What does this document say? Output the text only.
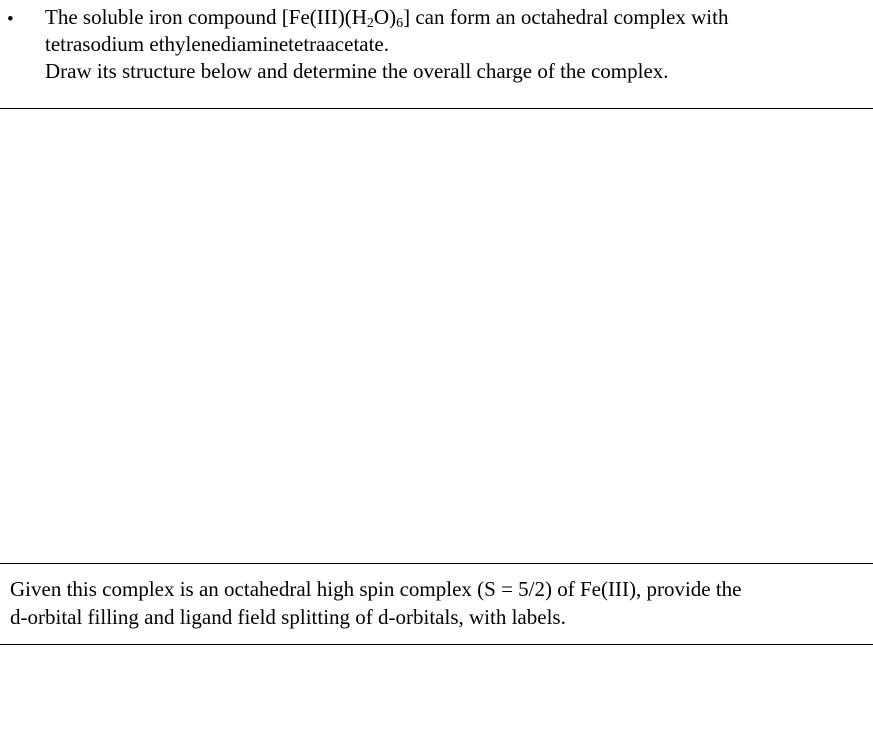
• The soluble iron compound $[Fe(III)(H_2O)_6]$ can form an octahedral complex with
tetrasodium ethylenediaminetetraacetate.
Draw its structure below and determine the overall charge of the complex.
Given this complex is an octahedral high spin complex (S = 5/2) of Fe(III), provide the
d-orbital filling and ligand field splitting of d-orbitals, with labels.
